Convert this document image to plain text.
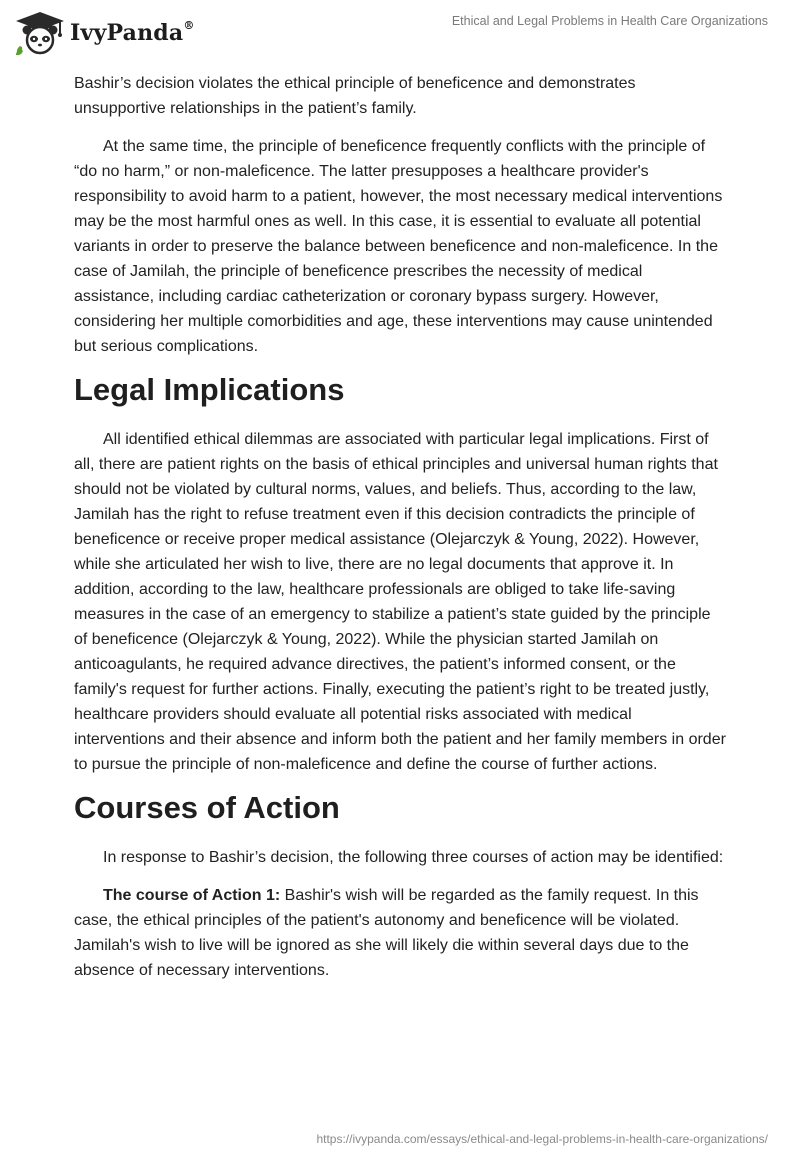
IvyPanda®	Ethical and Legal Problems in Health Care Organizations

Bashir’s decision violates the ethical principle of beneficence and demonstrates unsupportive relationships in the patient’s family.

At the same time, the principle of beneficence frequently conflicts with the principle of “do no harm,” or non-maleficence. The latter presupposes a healthcare provider's responsibility to avoid harm to a patient, however, the most necessary medical interventions may be the most harmful ones as well. In this case, it is essential to evaluate all potential variants in order to preserve the balance between beneficence and non-maleficence. In the case of Jamilah, the principle of beneficence prescribes the necessity of medical assistance, including cardiac catheterization or coronary bypass surgery. However, considering her multiple comorbidities and age, these interventions may cause unintended but serious complications.

Legal Implications

All identified ethical dilemmas are associated with particular legal implications. First of all, there are patient rights on the basis of ethical principles and universal human rights that should not be violated by cultural norms, values, and beliefs. Thus, according to the law, Jamilah has the right to refuse treatment even if this decision contradicts the principle of beneficence or receive proper medical assistance (Olejarczyk & Young, 2022). However, while she articulated her wish to live, there are no legal documents that approve it. In addition, according to the law, healthcare professionals are obliged to take life-saving measures in the case of an emergency to stabilize a patient’s state guided by the principle of beneficence (Olejarczyk & Young, 2022). While the physician started Jamilah on anticoagulants, he required advance directives, the patient’s informed consent, or the family's request for further actions. Finally, executing the patient’s right to be treated justly, healthcare providers should evaluate all potential risks associated with medical interventions and their absence and inform both the patient and her family members in order to pursue the principle of non-maleficence and define the course of further actions.

Courses of Action

In response to Bashir’s decision, the following three courses of action may be identified:

The course of Action 1: Bashir's wish will be regarded as the family request. In this case, the ethical principles of the patient's autonomy and beneficence will be violated. Jamilah's wish to live will be ignored as she will likely die within several days due to the absence of necessary interventions.

https://ivypanda.com/essays/ethical-and-legal-problems-in-health-care-organizations/
